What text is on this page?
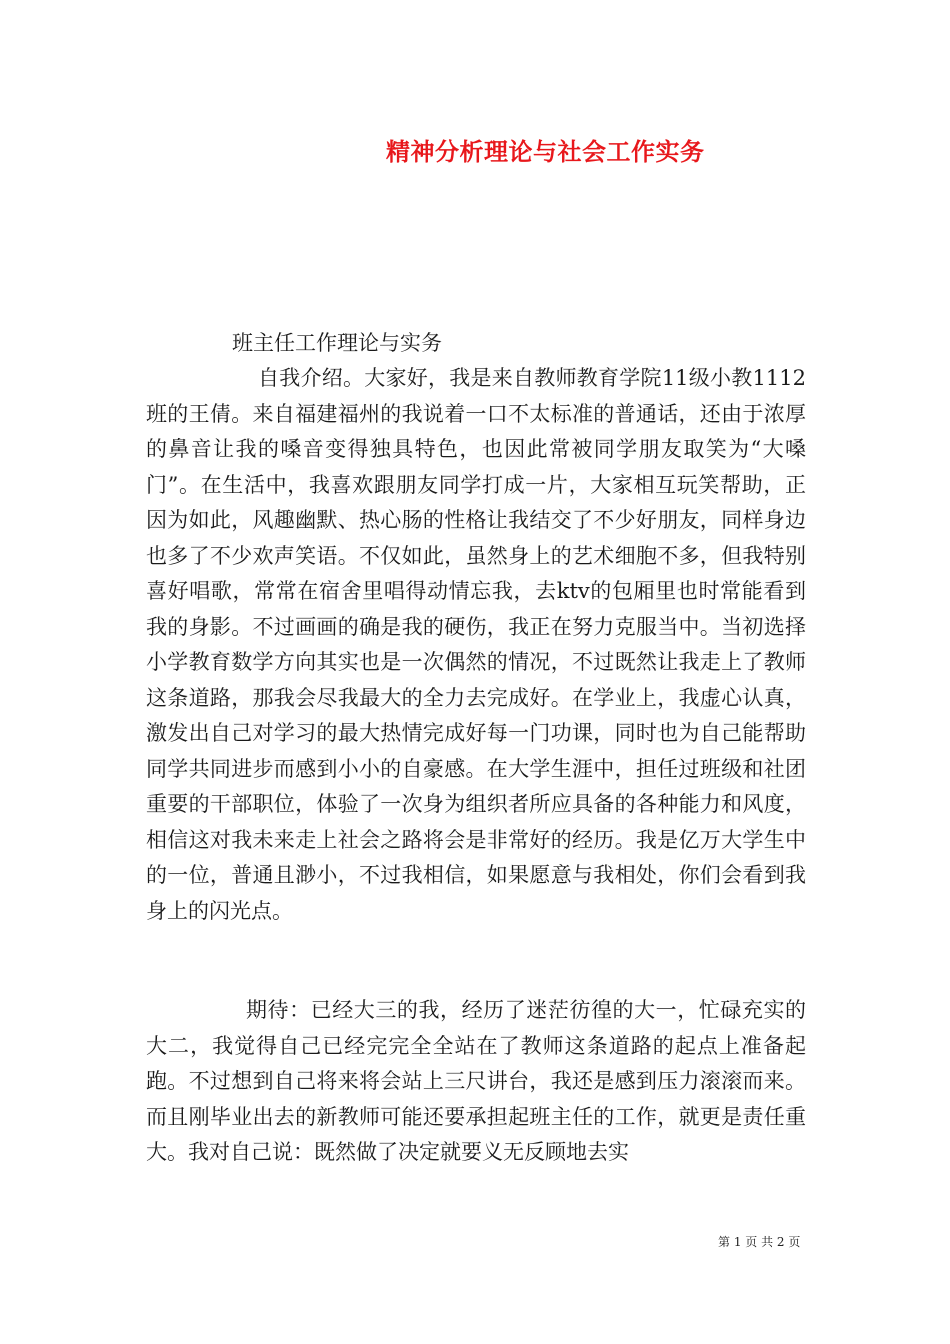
精神分析理论与社会工作实务
班主任工作理论与实务

自我介绍。大家好，我是来自教师教育学院11级小教1112班的王倩。来自福建福州的我说着一口不太标准的普通话，还由于浓厚的鼻音让我的嗓音变得独具特色，也因此常被同学朋友取笑为“大嗓门”。在生活中，我喜欢跟朋友同学打成一片，大家相互玩笑帮助，正因为如此，风趣幽默、热心肠的性格让我结交了不少好朋友，同样身边也多了不少欢声笑语。不仅如此，虽然身上的艺术细胞不多，但我特别喜好唱歌，常常在宿舍里唱得动情忘我，去ktv的包厢里也时常能看到我的身影。不过画画的确是我的硬伤，我正在努力克服当中。当初选择小学教育数学方向其实也是一次偶然的情况，不过既然让我走上了教师这条道路，那我会尽我最大的全力去完成好。在学业上，我虚心认真，激发出自己对学习的最大热情完成好每一门功课，同时也为自己能帮助同学共同进步而感到小小的自豪感。在大学生涯中，担任过班级和社团重要的干部职位，体验了一次身为组织者所应具备的各种能力和风度，相信这对我未来走上社会之路将会是非常好的经历。我是亿万大学生中的一位，普通且渺小，不过我相信，如果愿意与我相处，你们会看到我身上的闪光点。

期待：已经大三的我，经历了迷茫彷徨的大一，忙碌充实的大二，我觉得自己已经完完全全站在了教师这条道路的起点上准备起跑。不过想到自己将来将会站上三尺讲台，我还是感到压力滚滚而来。而且刚毕业出去的新教师可能还要承担起班主任的工作，就更是责任重大。我对自己说：既然做了决定就要义无反顾地去实

第 1 页 共 2 页
